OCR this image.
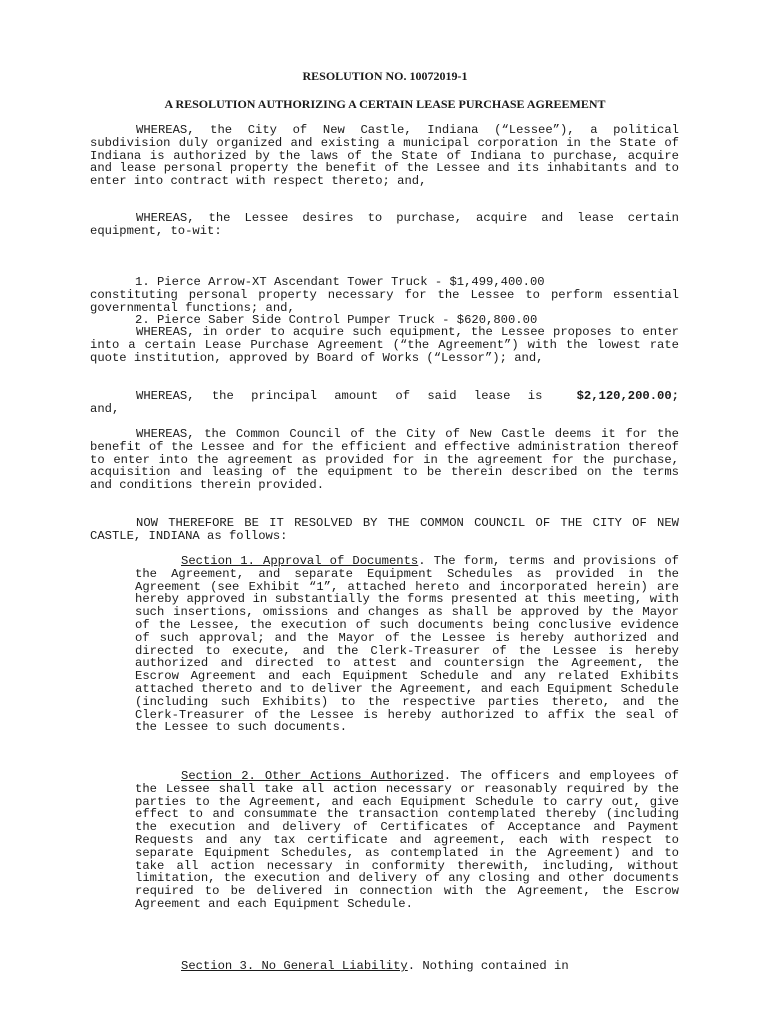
RESOLUTION NO. 10072019-1
A RESOLUTION AUTHORIZING A CERTAIN LEASE PURCHASE AGREEMENT
WHEREAS, the City of New Castle, Indiana (“Lessee”), a political subdivision duly organized and existing a municipal corporation in the State of Indiana is authorized by the laws of the State of Indiana to purchase, acquire and lease personal property the benefit of the Lessee and its inhabitants and to enter into contract with respect thereto; and,
WHEREAS, the Lessee desires to purchase, acquire and lease certain equipment, to-wit:

1. Pierce Arrow-XT Ascendant Tower Truck - $1,499,400.00

2. Pierce Saber Side Control Pumper Truck - $620,800.00

constituting personal property necessary for the Lessee to perform essential governmental functions; and,
WHEREAS, in order to acquire such equipment, the Lessee proposes to enter into a certain Lease Purchase Agreement (“the Agreement”) with the lowest rate quote institution, approved by Board of Works (“Lessor”); and,
WHEREAS, the principal amount of said lease is	$2,120,200.00;
and,
WHEREAS, the Common Council of the City of New Castle deems it for the benefit of the Lessee and for the efficient and effective administration thereof to enter into the agreement as provided for in the agreement for the purchase, acquisition and leasing of the equipment to be therein described on the terms and conditions therein provided.
NOW THEREFORE BE IT RESOLVED BY THE COMMON COUNCIL OF THE CITY OF NEW CASTLE, INDIANA as follows:
Section 1. Approval of Documents. The form, terms and provisions of the Agreement, and separate Equipment Schedules as provided in the Agreement (see Exhibit “1”, attached hereto and incorporated herein) are hereby approved in substantially the forms presented at this meeting, with such insertions, omissions and changes as shall be approved by the Mayor of the Lessee, the execution of such documents being conclusive evidence of such approval; and the Mayor of the Lessee is hereby authorized and directed to execute, and the Clerk-Treasurer of the Lessee is hereby authorized and directed to attest and countersign the Agreement, the Escrow Agreement and each Equipment Schedule and any related Exhibits attached thereto and to deliver the Agreement, and each Equipment Schedule (including such Exhibits) to the respective parties thereto, and the Clerk-Treasurer of the Lessee is hereby authorized to affix the seal of the Lessee to such documents.
Section 2. Other Actions Authorized. The officers and employees of the Lessee shall take all action necessary or reasonably required by the parties to the Agreement, and each Equipment Schedule to carry out, give effect to and consummate the transaction contemplated thereby (including the execution and delivery of Certificates of Acceptance and Payment Requests and any tax certificate and agreement, each with respect to separate Equipment Schedules, as contemplated in the Agreement) and to take all action necessary in conformity therewith, including, without limitation, the execution and delivery of any closing and other documents required to be delivered in connection with the Agreement, the Escrow Agreement and each Equipment Schedule.
Section 3. No General Liability. Nothing contained in
